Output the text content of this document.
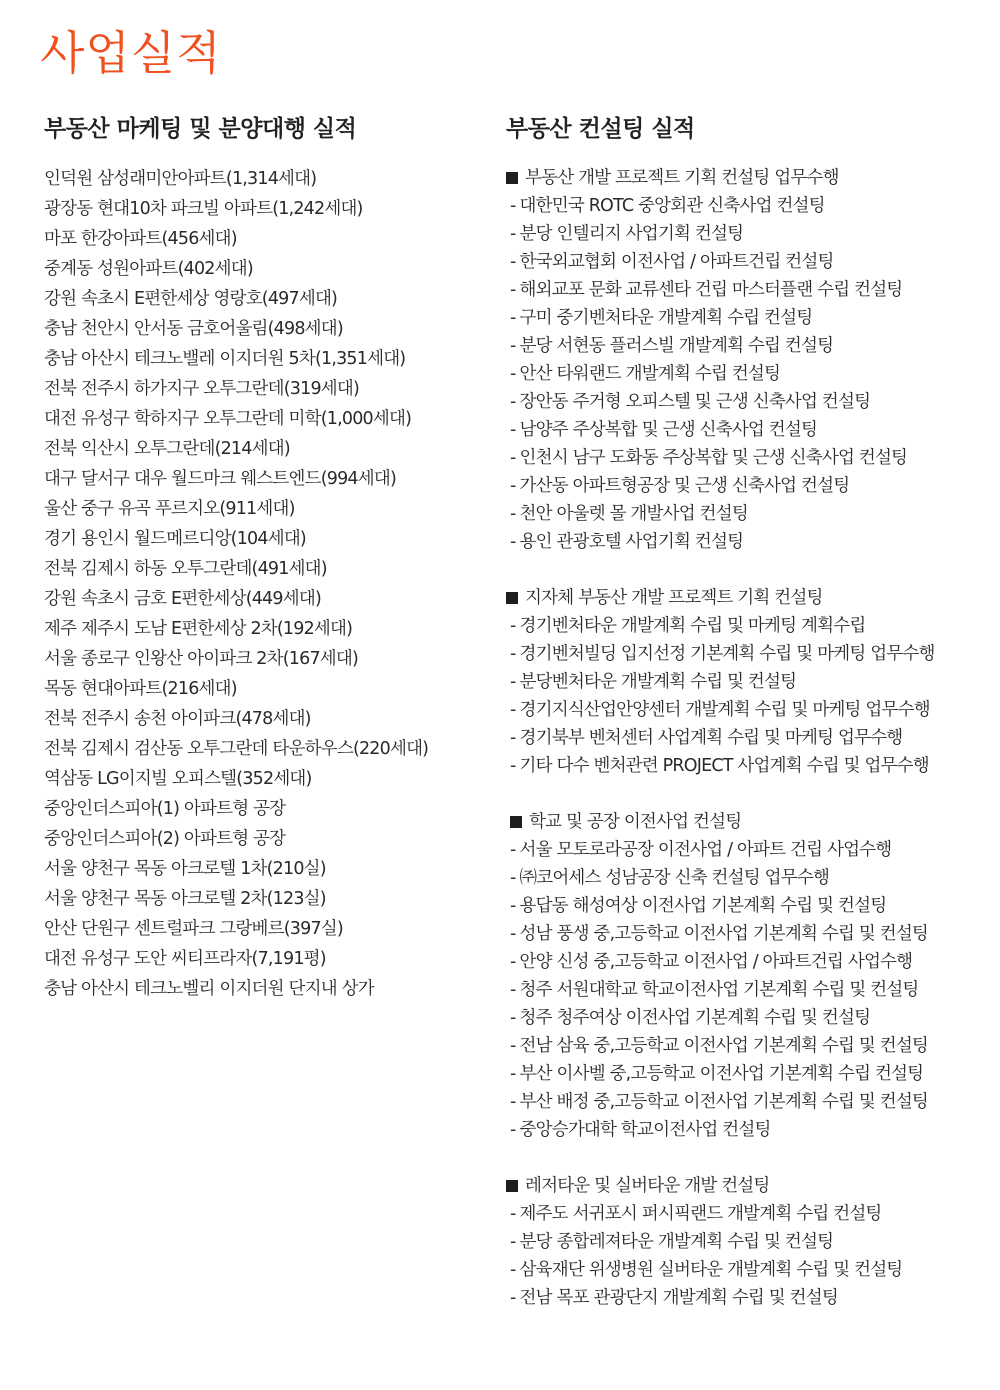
사업실적
부동산 마케팅 및 분양대행 실적
인덕원 삼성래미안아파트(1,314세대)
광장동 현대10차 파크빌 아파트(1,242세대)
마포 한강아파트(456세대)
중계동 성원아파트(402세대)
강원 속초시 E편한세상 영랑호(497세대)
충남 천안시 안서동 금호어울림(498세대)
충남 아산시 테크노밸레 이지더원 5차(1,351세대)
전북 전주시 하가지구 오투그란데(319세대)
대전 유성구 학하지구 오투그란데 미학(1,000세대)
전북 익산시 오투그란데(214세대)
대구 달서구 대우 월드마크 웨스트엔드(994세대)
울산 중구 유곡 푸르지오(911세대)
경기 용인시 월드메르디앙(104세대)
전북 김제시 하동 오투그란데(491세대)
강원 속초시 금호 E편한세상(449세대)
제주 제주시 도남 E편한세상 2차(192세대)
서울 종로구 인왕산 아이파크 2차(167세대)
목동 현대아파트(216세대)
전북 전주시 송천 아이파크(478세대)
전북 김제시 검산동 오투그란데 타운하우스(220세대)
역삼동 LG이지빌 오피스텔(352세대)
중앙인더스피아(1) 아파트형 공장
중앙인더스피아(2) 아파트형 공장
서울 양천구 목동 아크로텔 1차(210실)
서울 양천구 목동 아크로텔 2차(123실)
안산 단원구 센트럴파크 그랑베르(397실)
대전 유성구 도안 씨티프라자(7,191평)
충남 아산시 테크노벨리 이지더원 단지내 상가
부동산 컨설팅 실적
부동산 개발 프로젝트 기획 컨설팅 업무수행
- 대한민국 ROTC 중앙회관 신축사업 컨설팅
- 분당 인텔리지 사업기획 컨설팅
- 한국외교협회 이전사업 / 아파트건립 컨설팅
- 해외교포 문화 교류센타 건립 마스터플랜 수립 컨설팅
- 구미 중기벤처타운 개발계획 수립 컨설팅
- 분당 서현동 플러스빌 개발계획 수립 컨설팅
- 안산 타워랜드 개발계획 수립 컨설팅
- 장안동 주거형 오피스텔 및 근생 신축사업 컨설팅
- 남양주 주상복합 및 근생 신축사업 컨설팅
- 인천시 남구 도화동 주상복합 및 근생 신축사업 컨설팅
- 가산동 아파트형공장 및 근생 신축사업 컨설팅
- 천안 아울렛 몰 개발사업 컨설팅
- 용인 관광호텔 사업기획 컨설팅
지자체 부동산 개발 프로젝트 기획 컨설팅
- 경기벤처타운 개발계획 수립 및 마케팅 계획수립
- 경기벤처빌딩 입지선정 기본계획 수립 및 마케팅 업무수행
- 분당벤처타운 개발계획 수립 및 컨설팅
- 경기지식산업안양센터 개발계획 수립 및 마케팅 업무수행
- 경기북부 벤처센터 사업계획 수립 및 마케팅 업무수행
- 기타 다수 벤처관련 PROJECT 사업계획 수립 및 업무수행
학교 및 공장 이전사업 컨설팅
- 서울 모토로라공장 이전사업 / 아파트 건립 사업수행
- ㈜코어세스 성남공장 신축 컨설팅 업무수행
- 용답동 해성여상 이전사업 기본계획 수립 및 컨설팅
- 성남 풍생 중,고등학교 이전사업 기본계획 수립 및 컨설팅
- 안양 신성 중,고등학교 이전사업 / 아파트건립 사업수행
- 청주 서원대학교 학교이전사업 기본계획 수립 및 컨설팅
- 청주 청주여상 이전사업 기본계획 수립 및 컨설팅
- 전남 삼육 중,고등학교 이전사업 기본계획 수립 및 컨설팅
- 부산 이사벨 중,고등학교 이전사업 기본계획 수립 컨설팅
- 부산 배정 중,고등학교 이전사업 기본계획 수립 및 컨설팅
- 중앙승가대학 학교이전사업 컨설팅
레저타운 및 실버타운 개발 컨설팅
- 제주도 서귀포시 퍼시픽랜드 개발계획 수립 컨설팅
- 분당 종합레져타운 개발계획 수립 및 컨설팅
- 삼육재단 위생병원 실버타운 개발계획 수립 및 컨설팅
- 전남 목포 관광단지 개발계획 수립 및 컨설팅
